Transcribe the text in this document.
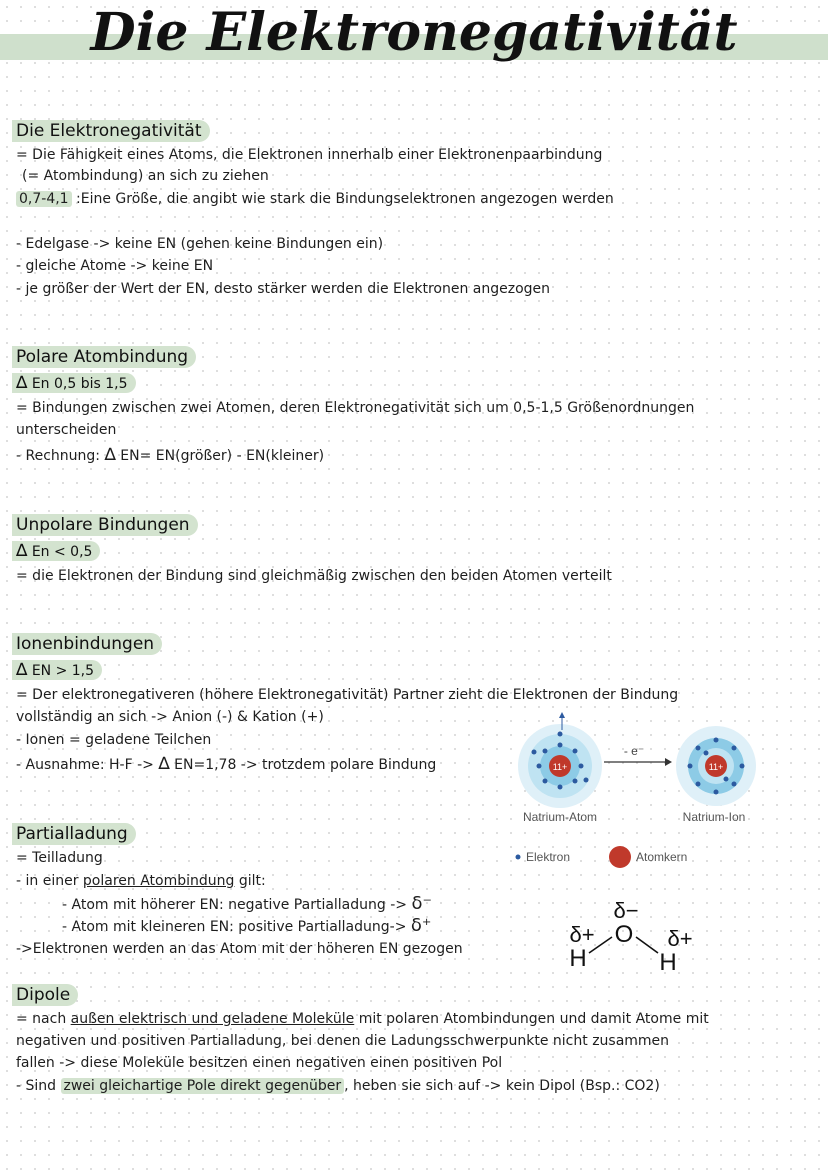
Die Elektronegativität
Die Elektronegativität
= Die Fähigkeit eines Atoms, die Elektronen innerhalb einer Elektronenpaarbindung
(= Atombindung) an sich zu ziehen
0,7-4,1 :Eine Größe, die angibt wie stark die Bindungselektronen angezogen werden
- Edelgase -> keine EN (gehen keine Bindungen ein)
- gleiche Atome -> keine EN
- je größer der Wert der EN, desto stärker werden die Elektronen angezogen
Polare Atombindung
∆ En 0,5 bis 1,5
= Bindungen zwischen zwei Atomen, deren Elektronegativität sich um 0,5-1,5 Größenordnungen
unterscheiden
- Rechnung: ∆ EN= EN(größer) - EN(kleiner)
Unpolare Bindungen
∆ En < 0,5
= die Elektronen der Bindung sind gleichmäßig zwischen den beiden Atomen verteilt
Ionenbindungen
∆ EN > 1,5
= Der elektronegativeren (höhere Elektronegativität) Partner zieht die Elektronen der Bindung
vollständig an sich -> Anion (-) & Kation (+)
- Ionen = geladene Teilchen
- Ausnahme: H-F -> ∆ EN=1,78 -> trotzdem polare Bindung	11+
- e⁻
11+
Natrium-Atom	Natrium-Ion
Elektron	Atomkern
Partialladung
= Teilladung
- in einer polaren Atombindung gilt:
- Atom mit höherer EN: negative Partialladung -> δ⁻
- Atom mit kleineren EN: positive Partialladung-> δ⁺
->Elektronen werden an das Atom mit der höheren EN gezogen
δ−
O
δ+	δ+
H	H
Dipole
= nach außen elektrisch und geladene Moleküle mit polaren Atombindungen und damit Atome mit
negativen und positiven Partialladung, bei denen die Ladungsschwerpunkte nicht zusammen
fallen -> diese Moleküle besitzen einen negativen einen positiven Pol
- Sind zwei gleichartige Pole direkt gegenüber , heben sie sich auf -> kein Dipol (Bsp.: CO2)
